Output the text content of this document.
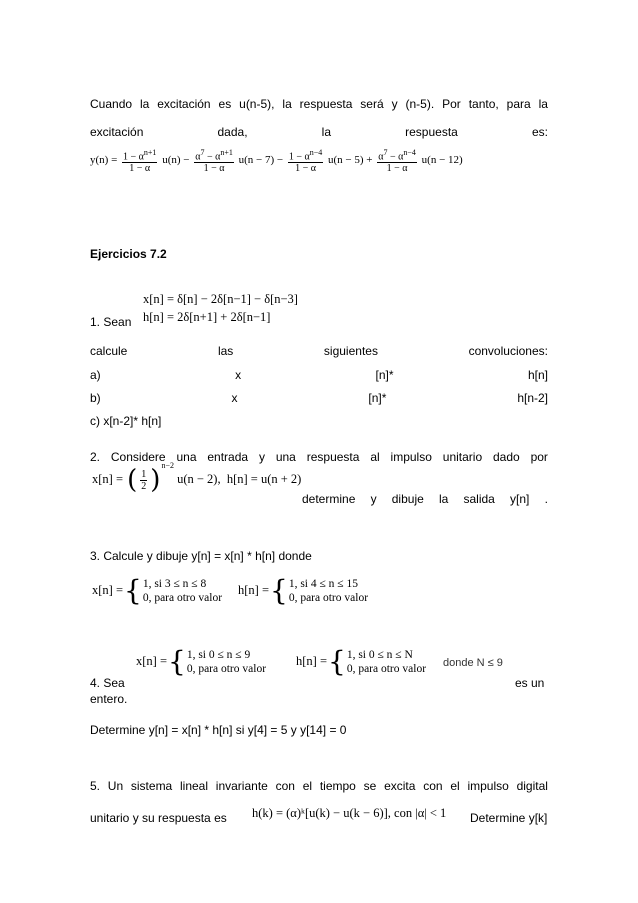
Cuando la excitación es u(n-5), la respuesta será y (n-5). Por tanto, para la
excitación	dada,	la	respuesta	es:
$y(n) = \frac{1 - \alpha^{n+1}}{1 - \alpha} u(n) - \frac{\alpha^7 - \alpha^{n+1}}{1 - \alpha} u(n - 7) - \frac{1 - \alpha^{n-4}}{1 - \alpha} u(n - 5) + \frac{\alpha^7 - \alpha^{n-4}}{1 - \alpha} u(n - 12)$
Ejercicios 7.2
x[n] = δ[n] − 2δ[n−1] − δ[n−3]
h[n] = 2δ[n+1] + 2δ[n−1]
1. Sean
calcule	las	siguientes	convoluciones:
a)	x	[n]*	h[n]
b)	x	[n]*	h[n-2]
c) x[n-2]* h[n]
2. Considere una entrada y una respuesta al impulso unitario dado por
x[n] = ( $\frac{1}{2} )^{n-2}$ u(n − 2), h[n] = u(n + 2)
determine y dibuje la salida y[n] .
3. Calcule y dibuje y[n] = x[n] * h[n] donde
x[n] ={1, si 3 ≤ n ≤ 8
0, para otro valor
h[n] ={1, si 4 ≤ n ≤ 15
0, para otro valor
x[n] ={1, si 0 ≤ n ≤ 9
0, para otro valor
h[n] ={1, si 0 ≤ n ≤ N
0, para otro valor donde N ≤ 9
4. Sea	es un
entero.
Determine y[n] = x[n] * h[n] si y[4] = 5 y y[14] = 0
5. Un sistema lineal invariante con el tiempo se excita con el impulso digital
unitario y su respuesta es h(k) = (α)ᵏ[u(k) − u(k − 6)], con |α| < 1 Determine y[k]
